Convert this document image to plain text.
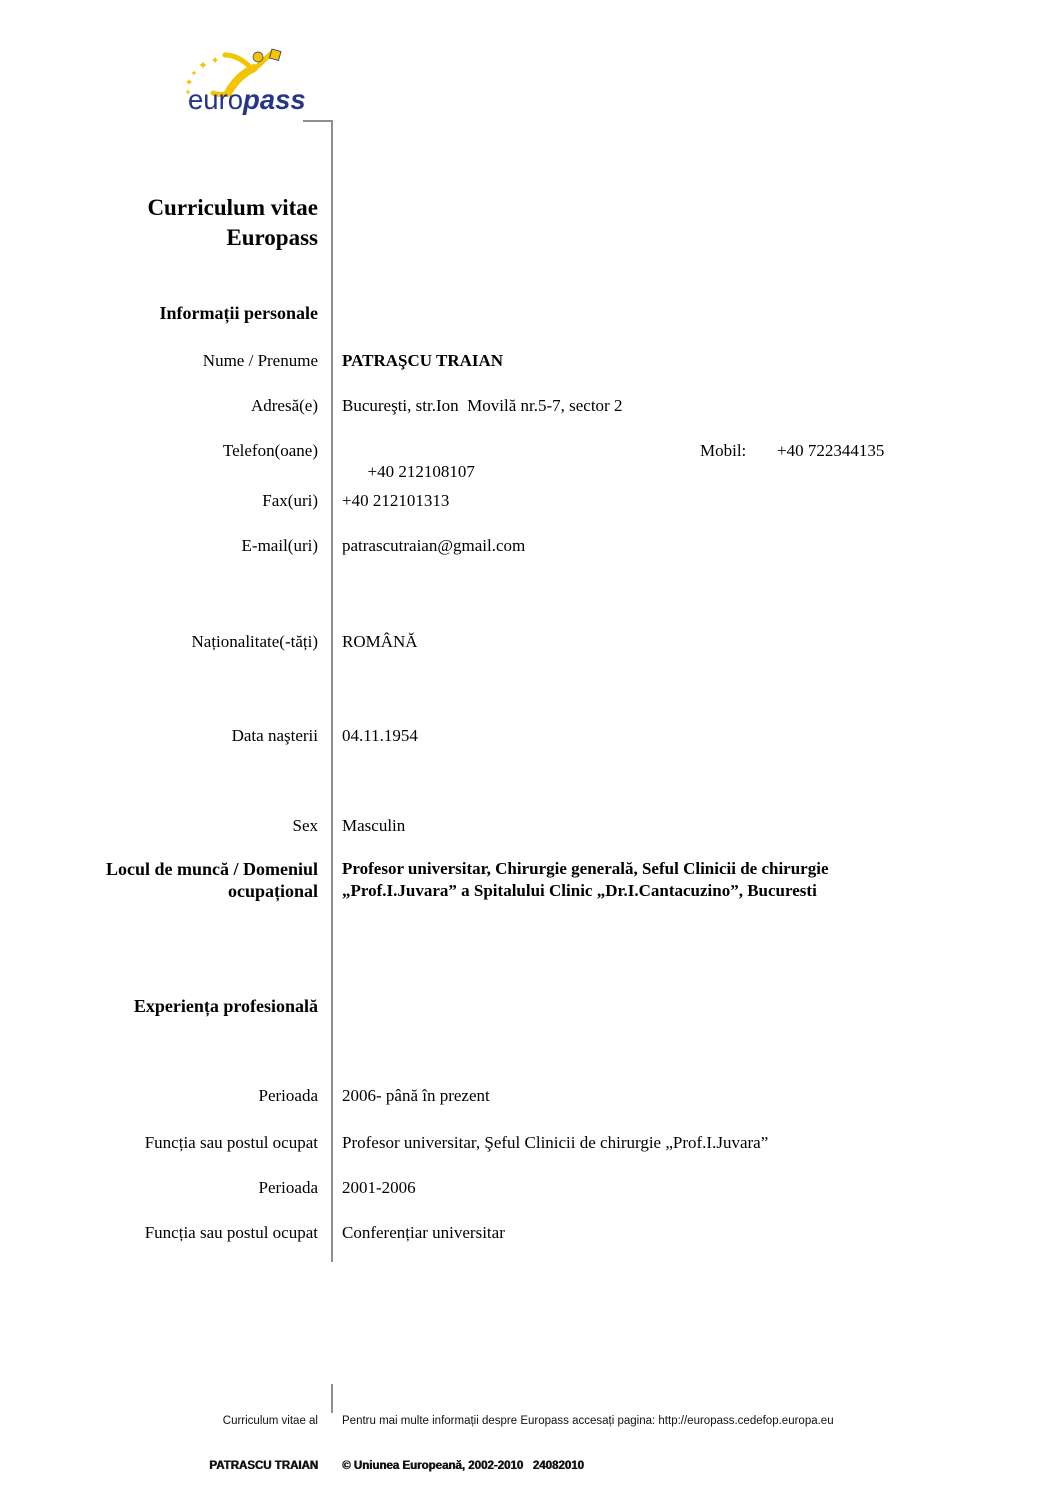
europass
Curriculum vitae
Europass
Informații personale
Nume / Prenume PATRAŞCU TRAIAN
Adresă(e) Bucureşti, str.Ion  Movilă nr.5-7, sector 2
Telefon(oane)

+40 212108107

Mobil:

+40 722344135

Fax(uri) +40 212101313
E-mail(uri) patrascutraian@gmail.com
Naționalitate(-tăți) ROMÂNĂ
Data naşterii 04.11.1954
Sex Masculin
Locul de muncă / Domeniul ocupațional
Profesor universitar, Chirurgie generală, Seful Clinicii de chirurgie „Prof.I.Juvara” a Spitalului Clinic „Dr.I.Cantacuzino”, Bucuresti
Experiența profesională
Perioada 2006- până în prezent
Funcția sau postul ocupat Profesor universitar, Şeful Clinicii de chirurgie „Prof.I.Juvara”
Perioada 2001-2006
Funcția sau postul ocupat Conferențiar universitar

Curriculum vitae al

PATRASCU TRAIAN

Pentru mai multe informații despre Europass accesați pagina: http://europass.cedefop.europa.eu

© Uniunea Europeană, 2002-2010   24082010
